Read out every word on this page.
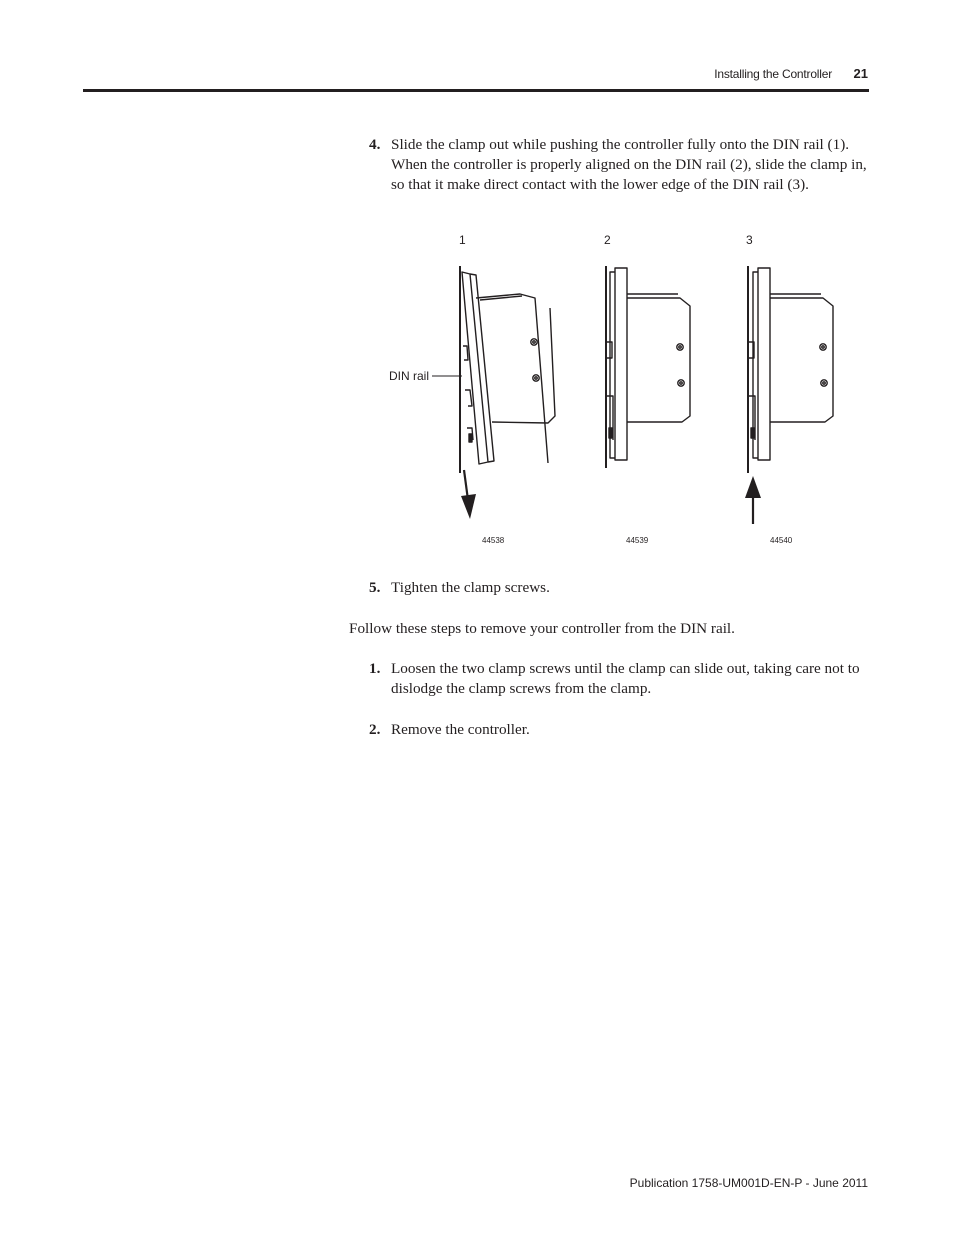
Installing the Controller 21
4. Slide the clamp out while pushing the controller fully onto the DIN rail (1). When the controller is properly aligned on the DIN rail (2), slide the clamp in, so that it make direct contact with the lower edge of the DIN rail (3).
1	2	3
DIN rail
44538	44539	44540
5. Tighten the clamp screws.
Follow these steps to remove your controller from the DIN rail.
1. Loosen the two clamp screws until the clamp can slide out, taking care not to dislodge the clamp screws from the clamp.
2. Remove the controller.
Publication 1758-UM001D-EN-P - June 2011
